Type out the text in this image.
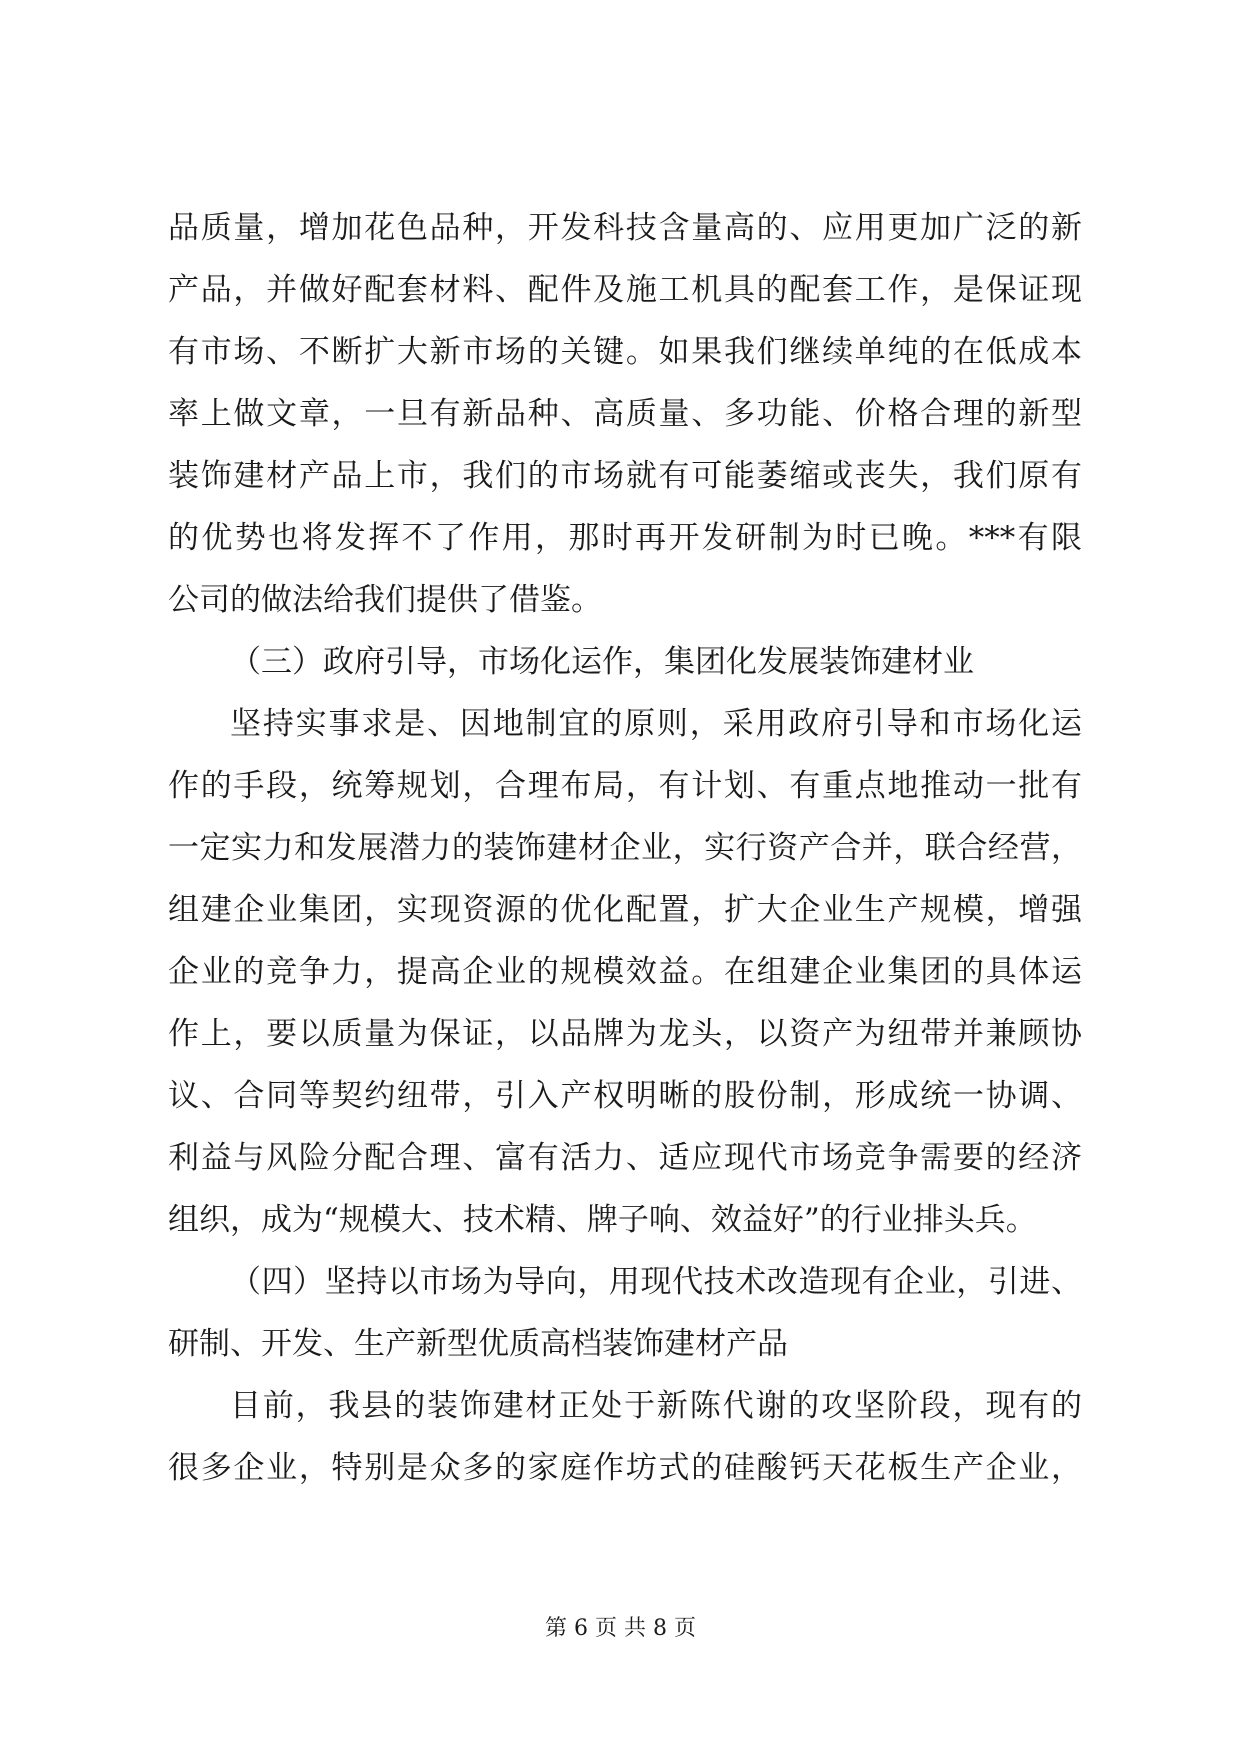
品质量，增加花色品种，开发科技含量高的、应用更加广泛的新
产品，并做好配套材料、配件及施工机具的配套工作，是保证现
有市场、不断扩大新市场的关键。如果我们继续单纯的在低成本
率上做文章，一旦有新品种、高质量、多功能、价格合理的新型
装饰建材产品上市，我们的市场就有可能萎缩或丧失，我们原有
的优势也将发挥不了作用，那时再开发研制为时已晚。***有限
公司的做法给我们提供了借鉴。
（三）政府引导，市场化运作，集团化发展装饰建材业
坚持实事求是、因地制宜的原则，采用政府引导和市场化运
作的手段，统筹规划，合理布局，有计划、有重点地推动一批有
一定实力和发展潜力的装饰建材企业，实行资产合并，联合经营，
组建企业集团，实现资源的优化配置，扩大企业生产规模，增强
企业的竞争力，提高企业的规模效益。在组建企业集团的具体运
作上，要以质量为保证，以品牌为龙头，以资产为纽带并兼顾协
议、合同等契约纽带，引入产权明晰的股份制，形成统一协调、
利益与风险分配合理、富有活力、适应现代市场竞争需要的经济
组织，成为“规模大、技术精、牌子响、效益好”的行业排头兵。
（四）坚持以市场为导向，用现代技术改造现有企业，引进、
研制、开发、生产新型优质高档装饰建材产品
目前，我县的装饰建材正处于新陈代谢的攻坚阶段，现有的
很多企业，特别是众多的家庭作坊式的硅酸钙天花板生产企业，
第 6 页 共 8 页
